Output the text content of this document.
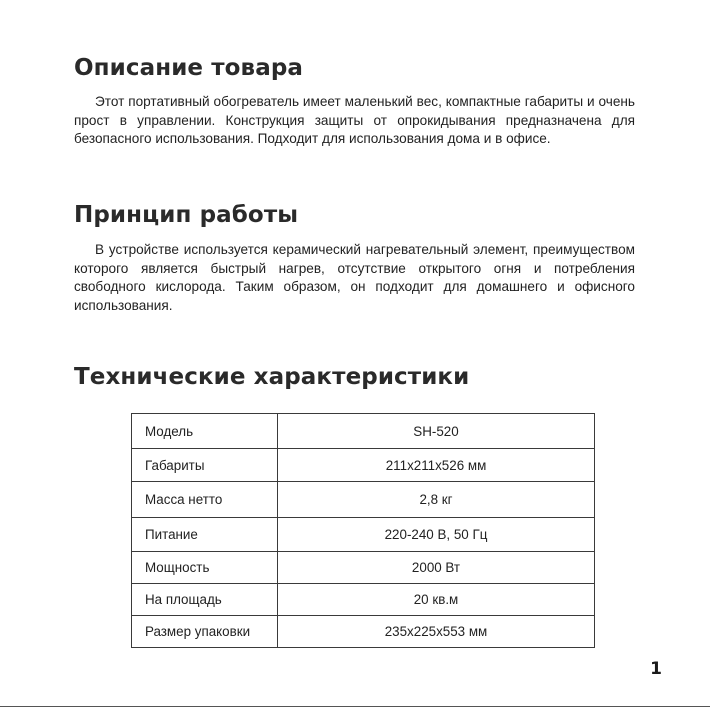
Описание товара

Этот портативный обогреватель имеет маленький вес, компактные габариты и очень прост в управлении. Конструкция защиты от опрокидывания предназначена для безопасного использования. Подходит для использования дома и в офисе.

Принцип работы

В устройстве используется керамический нагревательный элемент, преимуществом которого является быстрый нагрев, отсутствие открытого огня и потребления свободного кислорода. Таким образом, он подходит для домашнего и офисного использования.

Технические характеристики
Модель	SH-520
Габариты	211x211x526 мм
Масса нетто	2,8 кг
Питание	220-240 В, 50 Гц
Мощность	2000 Вт
На площадь	20 кв.м
Размер упаковки	235x225x553 мм
1
